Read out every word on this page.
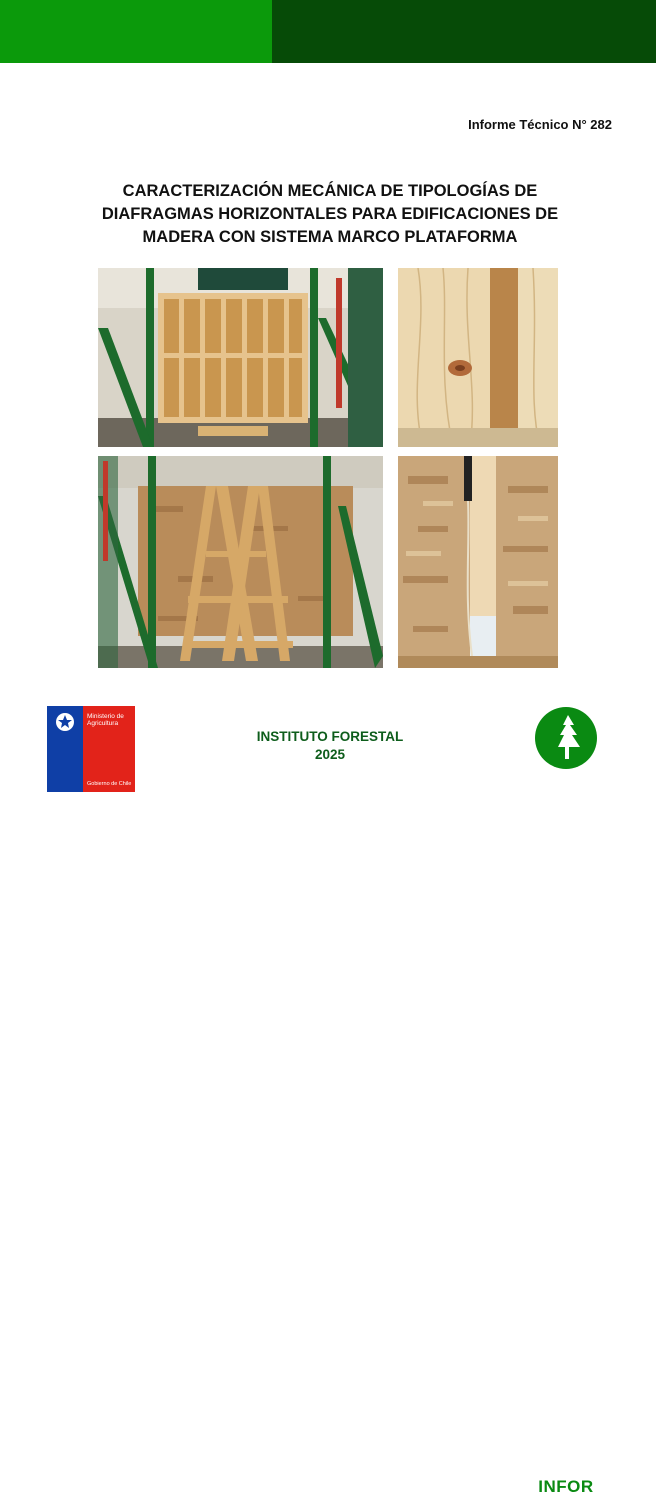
Informe Técnico N° 282
CARACTERIZACIÓN MECÁNICA DE TIPOLOGÍAS DE
DIAFRAGMAS HORIZONTALES PARA EDIFICACIONES DE
MADERA CON SISTEMA MARCO PLATAFORMA
Ministerio de
Agricultura
Gobierno de Chile
INSTITUTO FORESTAL
2025
INFOR
